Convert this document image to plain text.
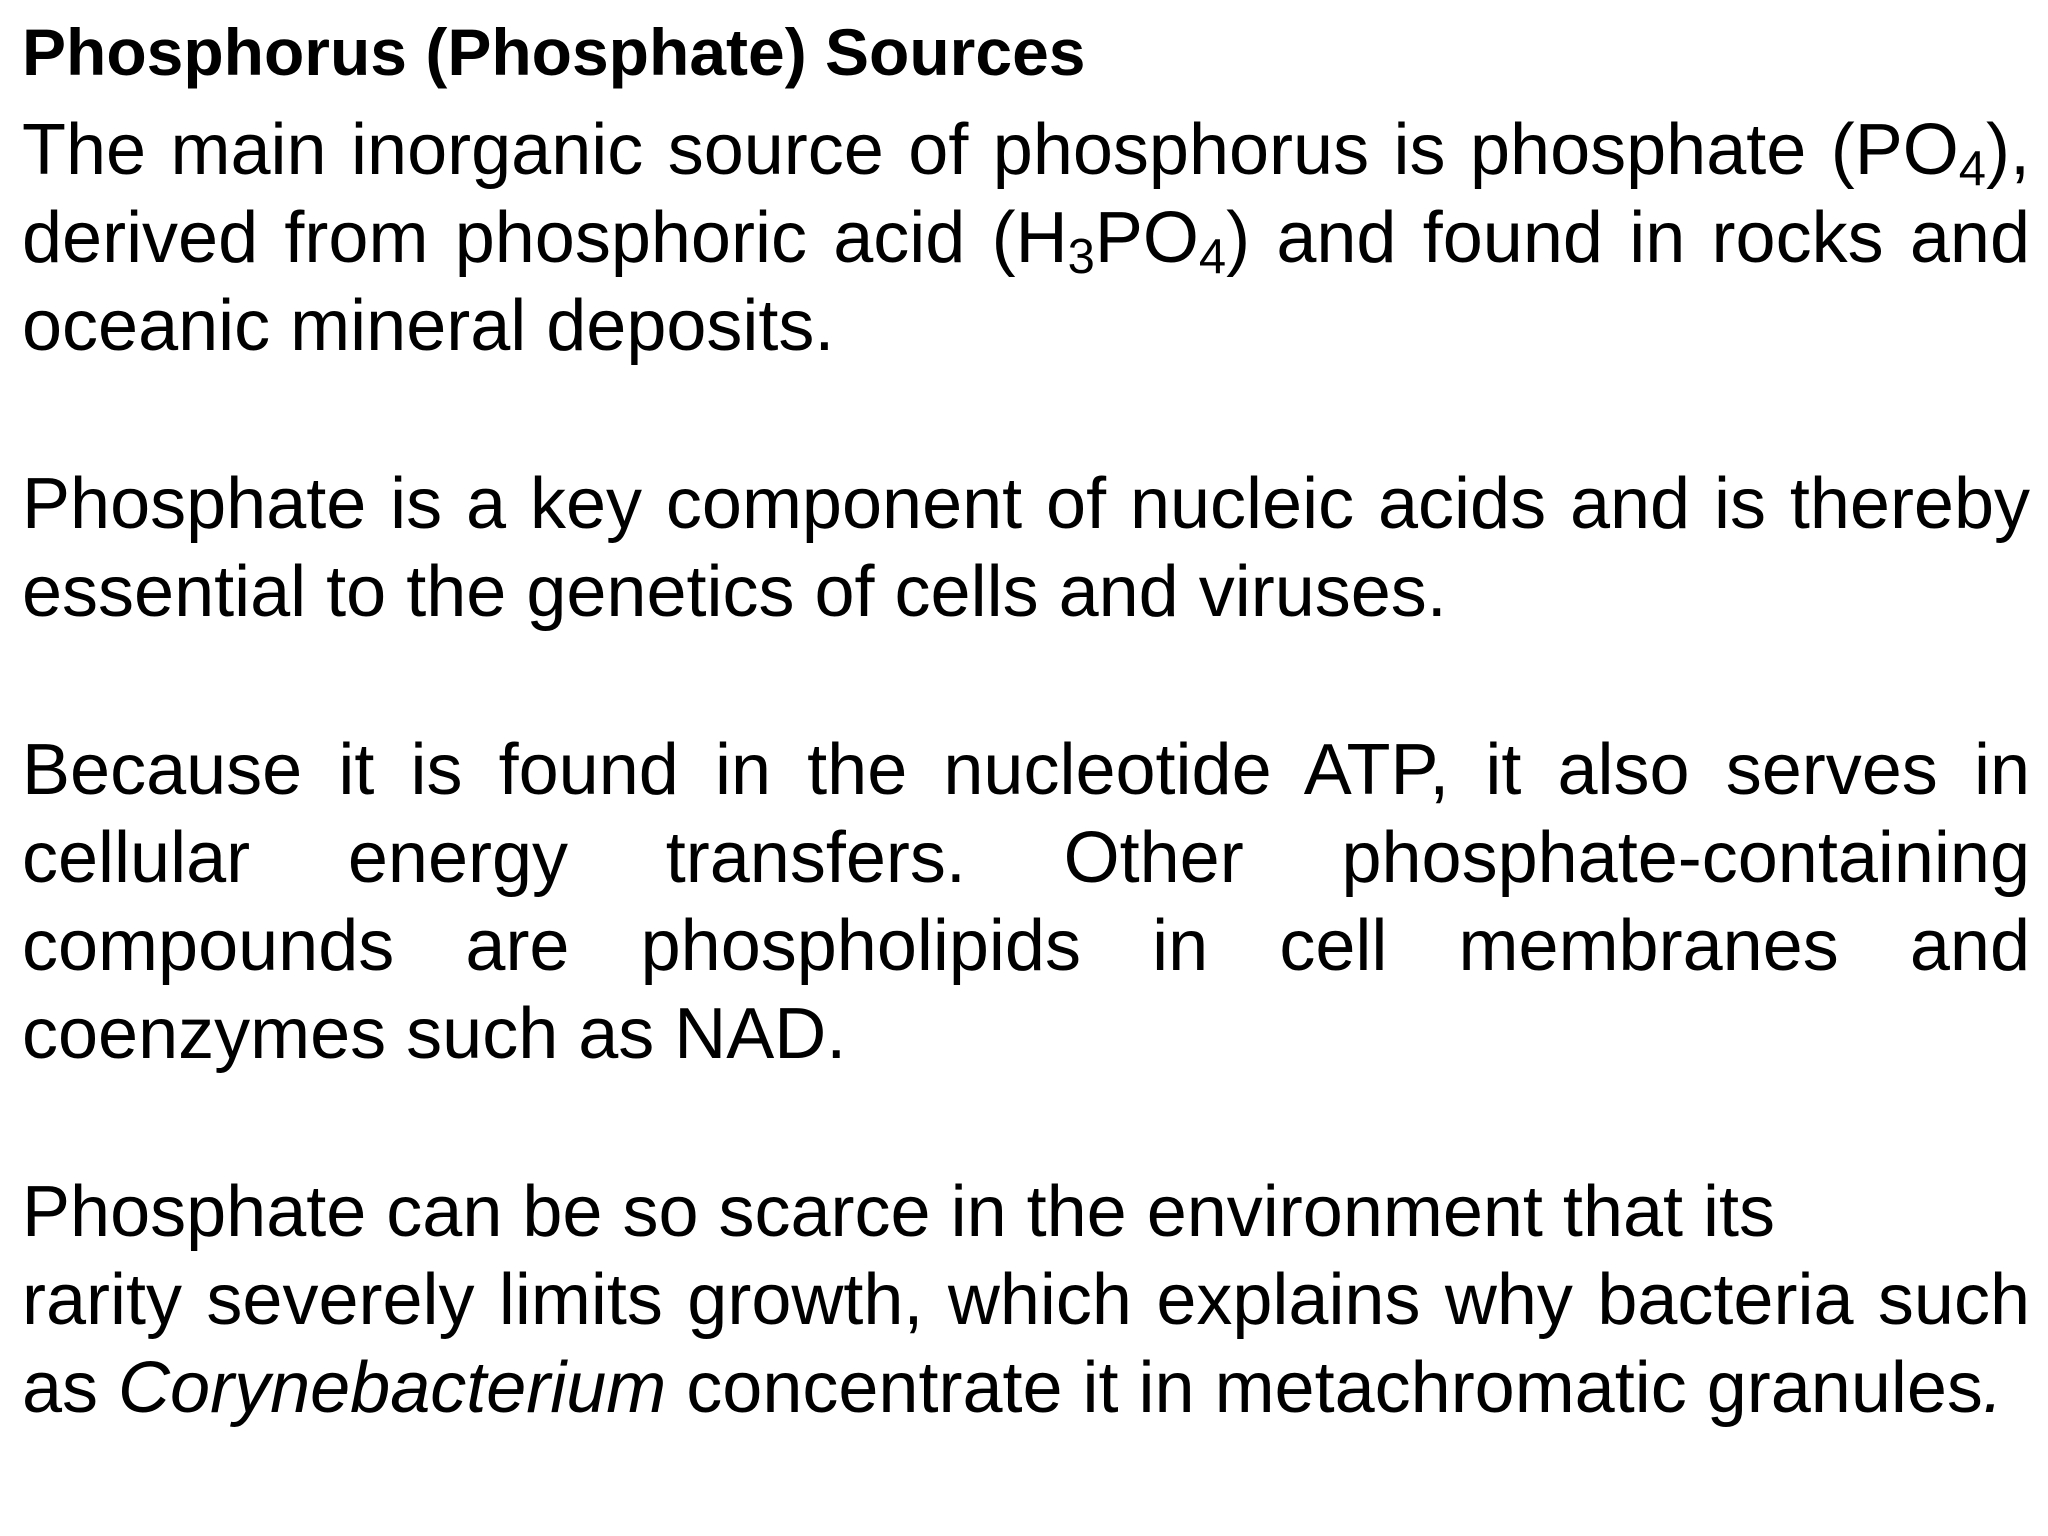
Phosphorus (Phosphate) Sources

The main inorganic source of phosphorus is phosphate $(PO_4)$, derived from phosphoric acid $(H_3PO_4)$ and found in rocks and oceanic mineral deposits.

Phosphate is a key component of nucleic acids and is thereby essential to the genetics of cells and viruses.

Because it is found in the nucleotide ATP, it also serves in cellular energy transfers. Other phosphate-containing compounds are phospholipids in cell membranes and coenzymes such as NAD.

Phosphate can be so scarce in the environment that its
rarity severely limits growth, which explains why bacteria such as Corynebacterium concentrate it in metachromatic granules.
